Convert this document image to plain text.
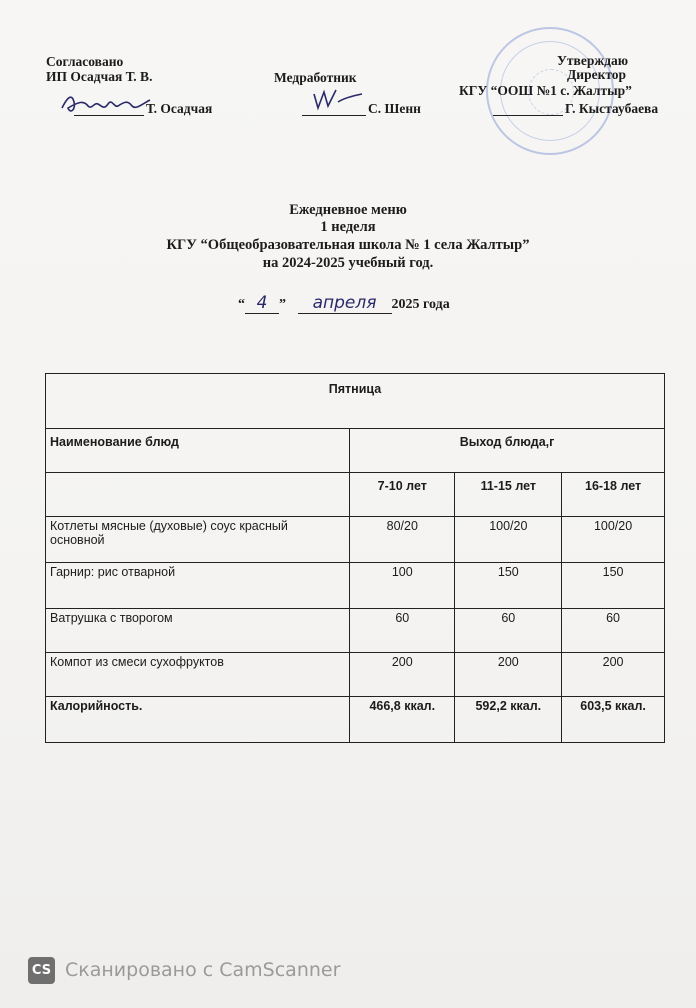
Согласовано
ИП Осадчая Т. В.
Т. Осадчая
Медработник
С. Шенн
Утверждаю
Директор
КГУ “ООШ №1 с. Жалтыр”
Г. Кыстаубаева
Ежедневное меню
1 неделя
КГУ “Общеобразовательная школа № 1 села Жалтыр”
на 2024-2025 учебный год.
“ 4 ” апреля 2025 года
Пятница			
Наименование блюд	Выход блюда,г		
	7-10 лет	11-15 лет	16-18 лет
Котлеты мясные (духовые) соус красный основной	80/20	100/20	100/20
Гарнир: рис отварной	100	150	150
Ватрушка с творогом	60	60	60
Компот из смеси сухофруктов	200	200	200
Калорийность.	466,8 ккал.	592,2 ккал.	603,5 ккал.
CS Сканировано с CamScanner
